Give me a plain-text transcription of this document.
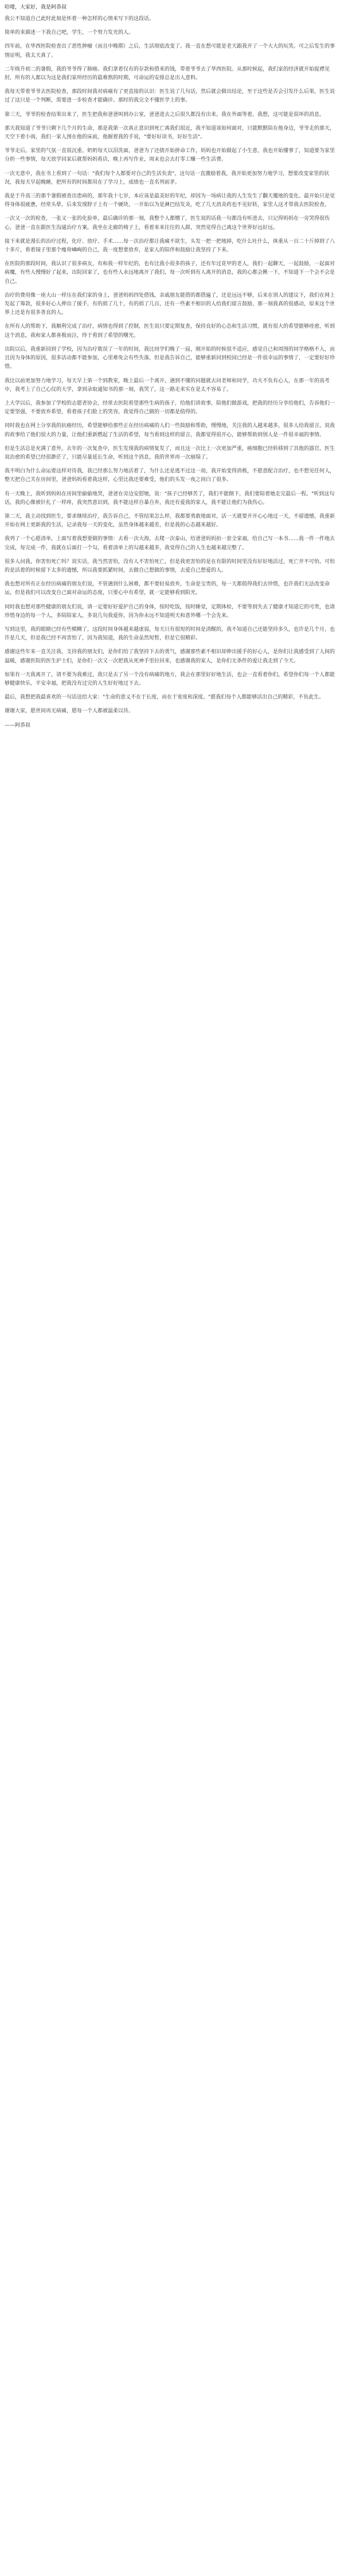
哈喽，大家好，我是阿恭叔

我公不知道自己此时此刻是怀着一种怎样的心情来写下的这段话。

简单的来描述一下我自己吧，学生，一个努力发光的人。

四年前，在华西医院检查出了恶性肿瘤（而且中晚期）之后，生活彻底改变了。我一直在想可能是老天跟我开了一个大大的玩笑。可之后发生的事情证明，我太天真了。

二年级升初二的暑假，我的爷爷得了肺癌。我们拿着仅有的存款和借来的钱，带着爷爷去了华西医院。从那时候起，我们家的经济就开始捉襟见肘，所有的人都以为这是我们家所经历的最难熬的时期，可命运的安排总是出人意料。

我每天带着爷爷去医院检查，那段时间我对病痛有了更直接的认识：医生说了几句话，然后就会做出结论，至于这些是否会引发什么后果，医生说过了这只是一个判断，需要进一步检查才能确诊。那时的我完全不懂医学上的事。

第三天，爷爷的检查结果出来了，医生把我和爸爸叫到办公室，爸爸进去之后很久都没有出来。我在外面等着，我想，这可能是很坏的消息。

那天我知道了爷爷只剩下几个月的生命，那是我第一次真正意识到死亡离我们很近，我不知道该如何面对，只能默默陪在他身边，爷爷走的那天，天空下着小雨，我们一家人围在他的床前，他握着我的手说，"要好好读书，好好生活"。

爷爷走后，家里的气氛一直很沉重。奶奶每天以泪洗面，爸爸为了还债开始拼命工作，妈妈也开始做起了小生意，我也开始懂事了，知道要为家里分担一些事情，每天放学回家后就帮妈妈看店，晚上再写作业，周末也会去打零工赚一些生活费。

一次无意中，我在书上看到了一句话："我们每个人都要对自己的生活负责"，这句话一直激励着我，我开始更加努力地学习，想要改变家里的状况，我每天早起晚睡，把所有的时间都用在了学习上，成绩也一直名列前茅。

我是于升高三的那个暑假被查出患病的，那年我十七岁，本应该是最美好的年纪，却因为一场病让我的人生发生了翻天覆地的变化。最开始只是觉得身体很疲惫，经常头晕，后来发现脖子上有一个硬块，一开始以为是淋巴结发炎，吃了几天消炎药也不见好转，家里人这才带我去医院检查。

一次又一次的检查，一张又一张的化验单，最后确诊的那一刻，我整个人都懵了，医生说的话我一句都没有听进去，只记得妈妈在一旁哭得很伤心，爸爸一直在跟医生沟通治疗方案，我坐在走廊的椅子上，看着来来往往的人群，突然觉得自己离这个世界好远好远。

接下来就是漫长的治疗过程，化疗、放疗、手术……每一次治疗都让我痛不欲生，头发一把一把地掉，吃什么吐什么，体重从一百二十斤掉到了八十多斤，看着镜子里那个瘦骨嶙峋的自己，我一度想要放弃，是家人的陪伴和鼓励让我坚持了下来。

在医院的那段时间，我认识了很多病友，有和我一样年纪的，也有比我小很多的孩子，还有年过花甲的老人，我们一起聊天，一起鼓励，一起面对病魔，有些人慢慢好了起来，出院回家了，也有些人永远地离开了我们，每一次听到有人离开的消息，我的心都会揪一下，不知道下一个会不会是自己。

治疗的费用像一座大山一样压在我们家的身上，爸爸妈妈四处借钱，亲戚朋友能借的都借遍了，还是远远不够，后来在别人的建议下，我们在网上发起了筹款，很多好心人伸出了援手，有的捐了几十，有的捐了几百，还有一些素不相识的人给我们留言鼓励，那一刻我真的很感动，原来这个世界上还是有很多善良的人。

在所有人的帮助下，我顺利完成了治疗，病情也得到了控制，医生说只要定期复查，保持良好的心态和生活习惯，就有很大的希望能够痊愈，听到这个消息，我和家人都喜极而泣，终于看到了希望的曙光。

出院以后，我重新回到了学校，因为治疗耽误了一年的时间，我比同学们晚了一届，刚开始的时候很不适应，感觉自己和周围的同学格格不入，而且因为身体的原因，很多活动都不能参加，心里难免会有些失落，但是我告诉自己，能够重新回到校园已经是一件很幸运的事情了，一定要好好珍惜。

我比以前更加努力地学习，每天早上第一个到教室，晚上最后一个离开，遇到不懂的问题就去问老师和同学，功夫不负有心人，在那一年的高考中，我考上了自己心仪的大学，拿到录取通知书的那一刻，我哭了，这一路走来实在是太不容易了。

上大学以后，我参加了学校的志愿者协会，经常去医院看望那些生病的孩子，给他们讲故事，陪他们做游戏，把我的经历分享给他们，告诉他们一定要坚强，不要放弃希望，看着孩子们脸上的笑容，我觉得自己做的一切都是值得的。

同时我也在网上分享我的抗癌经历，希望能够给那些正在经历病痛的人们一些鼓励和帮助，慢慢地，关注我的人越来越多，很多人给我留言，说我的故事给了他们很大的力量，让他们重新燃起了生活的希望，每当看到这样的留言，我都觉得很开心，能够帮助到别人是一件很幸福的事情。

但是生活总是充满了意外，去年的一次复查中，医生发现我的病情复发了，而且这一次比上一次更加严重，癌细胞已经转移到了其他的器官，医生说治愈的希望已经很渺茫了，只能尽量延长生命，听到这个消息，我的世界再一次崩塌了。

我不明白为什么命运要这样对待我，我已经那么努力地活着了，为什么还是逃不过这一劫，我开始变得消极，不愿意配合治疗，也不想见任何人，整天把自己关在房间里，爸爸妈妈看着我这样，心里比我还要难受，他们的头发一夜之间白了很多。

有一天晚上，我听到妈妈在房间里偷偷地哭，爸爸在旁边安慰她，说："孩子已经够苦了，我们不能倒下，我们要陪着她走完最后一程。"听到这句话，我的心像被针扎了一样疼，我突然意识到，我不能这样自暴自弃，我还有爱我的家人，我不能让他们为我伤心。

第二天，我主动找到医生，要求继续治疗，我告诉自己，不管结果怎么样，我都要勇敢地面对，活一天就要开开心心地过一天，不留遗憾，我重新开始在网上更新我的生活，记录我每一天的变化，虽然身体越来越差，但是我的心态越来越好。

我列了一个心愿清单，上面写着我想要做的事情：去看一次大海，去爬一次泰山，给爸爸妈妈拍一套全家福，给自己写一本书……我一件一件地去完成，每完成一件，我就在后面打一个勾，看着清单上的勾越来越多，我觉得自己的人生也越来越完整了。

很多人问我，你害怕死亡吗？说实话，我当然害怕，没有人不害怕死亡，但是我更害怕的是在有限的时间里没有好好地活过，死亡并不可怕，可怕的是活着的时候留下太多的遗憾，所以我要抓紧时间，去做自己想做的事情，去爱自己想爱的人。

我也想对所有正在经历病痛的朋友们说，不管遇到什么困难，都不要轻易放弃，生命是宝贵的，每一天都值得我们去珍惜，也许我们无法改变命运，但是我们可以改变自己面对命运的态度，只要心中有希望，就一定能够看到阳光。

同时我也想对那些健康的朋友们说，请一定要好好爱护自己的身体，按时吃饭，按时睡觉，定期体检，不要等到失去了健康才知道它的可贵，也请珍惜身边的每一个人，多陪陪家人，多说几句我爱你，因为你永远不知道明天和意外哪一个会先来。

写到这里，我的眼睛已经有些模糊了，这段时间身体越来越虚弱，每天只有很短的时间是清醒的，我不知道自己还能坚持多久，也许是几个月，也许是几天，但是我已经不再害怕了，因为我知道，我的生命虽然短暂，但是它很精彩。

感谢这些年来一直关注我、支持我的朋友们，是你们给了我坚持下去的勇气，感谢那些素不相识却伸出援手的好心人，是你们让我感受到了人间的温暖，感谢医院的医生护士们，是你们一次又一次把我从死神手里拉回来，也感谢我的家人，是你们无条件的爱让我走到了今天。

如果有一天我离开了，请不要为我难过，我只是去了另一个没有病痛的地方，我会在那里好好地生活，也会一直看着你们，希望你们每一个人都能够健康快乐，平安幸福，把我没有过完的人生好好地过下去。

最后，我想把我最喜欢的一句话送给大家："生命的意义不在于长度，而在于宽度和深度。"愿我们每个人都能够活出自己的精彩，不负此生。

谢谢大家，愿世间再无病痛，愿每一个人都被温柔以待。

——阿恭叔
